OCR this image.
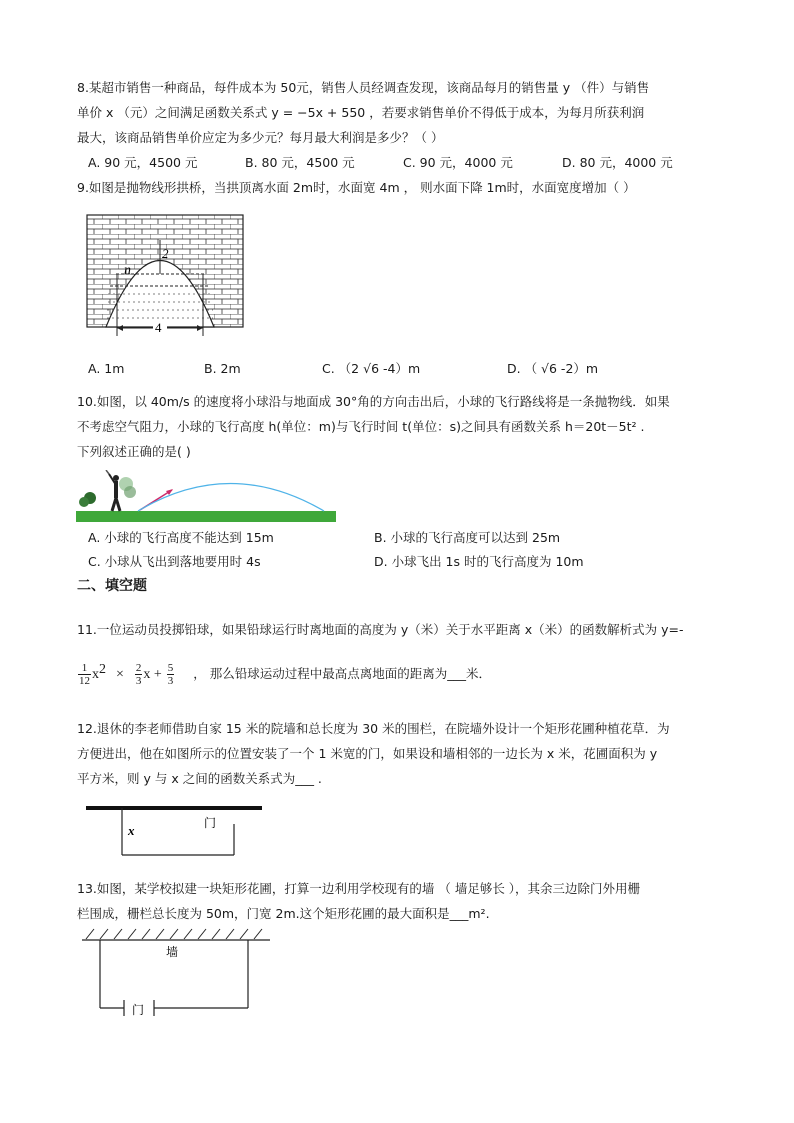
8.某超市销售一种商品，每件成本为 50元，销售人员经调查发现，该商品每月的销售量 y （件）与销售
单价 x （元）之间满足函数关系式 y = −5x + 550 ，若要求销售单价不得低于成本，为每月所获利润
最大，该商品销售单价应定为多少元？每月最大利润是多少？（ ）
A. 90 元，4500 元	B. 80 元，4500 元	C. 90 元，4000 元	D. 80 元，4000 元
9.如图是抛物线形拱桥，当拱顶离水面 2m时，水面宽 4m ， 则水面下降 1m时，水面宽度增加（ ）
2
n
4
A. 1m	B. 2m	C. （2 √6 -4）m	D. （ √6 -2）m
10.如图，以 40m/s 的速度将小球沿与地面成 30°角的方向击出后，小球的飞行路线将是一条抛物线．如果
不考虑空气阻力，小球的飞行高度 h(单位：m)与飞行时间 t(单位：s)之间具有函数关系 h＝20t－5t² .
下列叙述正确的是( )
A. 小球的飞行高度不能达到 15m	B. 小球的飞行高度可以达到 25m
C. 小球从飞出到落地要用时 4s	D. 小球飞出 1s 时的飞行高度为 10m
二、填空题
11.一位运动员投掷铅球，如果铅球运行时离地面的高度为 y（米）关于水平距离 x（米）的函数解析式为 y=-
$\frac{1}{12} x^2 \times \frac{2}{3}$ $x + \frac{5}{3}$ ， 那么铅球运动过程中最高点离地面的距离为___米．
12.退休的李老师借助自家 15 米的院墙和总长度为 30 米的围栏，在院墙外设计一个矩形花圃种植花草．为
方便进出，他在如图所示的位置安装了一个 1 米宽的门，如果设和墙相邻的一边长为 x 米，花圃面积为 y
平方米，则 y 与 x 之间的函数关系式为___ .
x	门
13.如图，某学校拟建一块矩形花圃，打算一边利用学校现有的墙 （ 墙足够长 ），其余三边除门外用栅
栏围成，栅栏总长度为 50m，门宽 2m.这个矩形花圃的最大面积是___m².
墙
门
